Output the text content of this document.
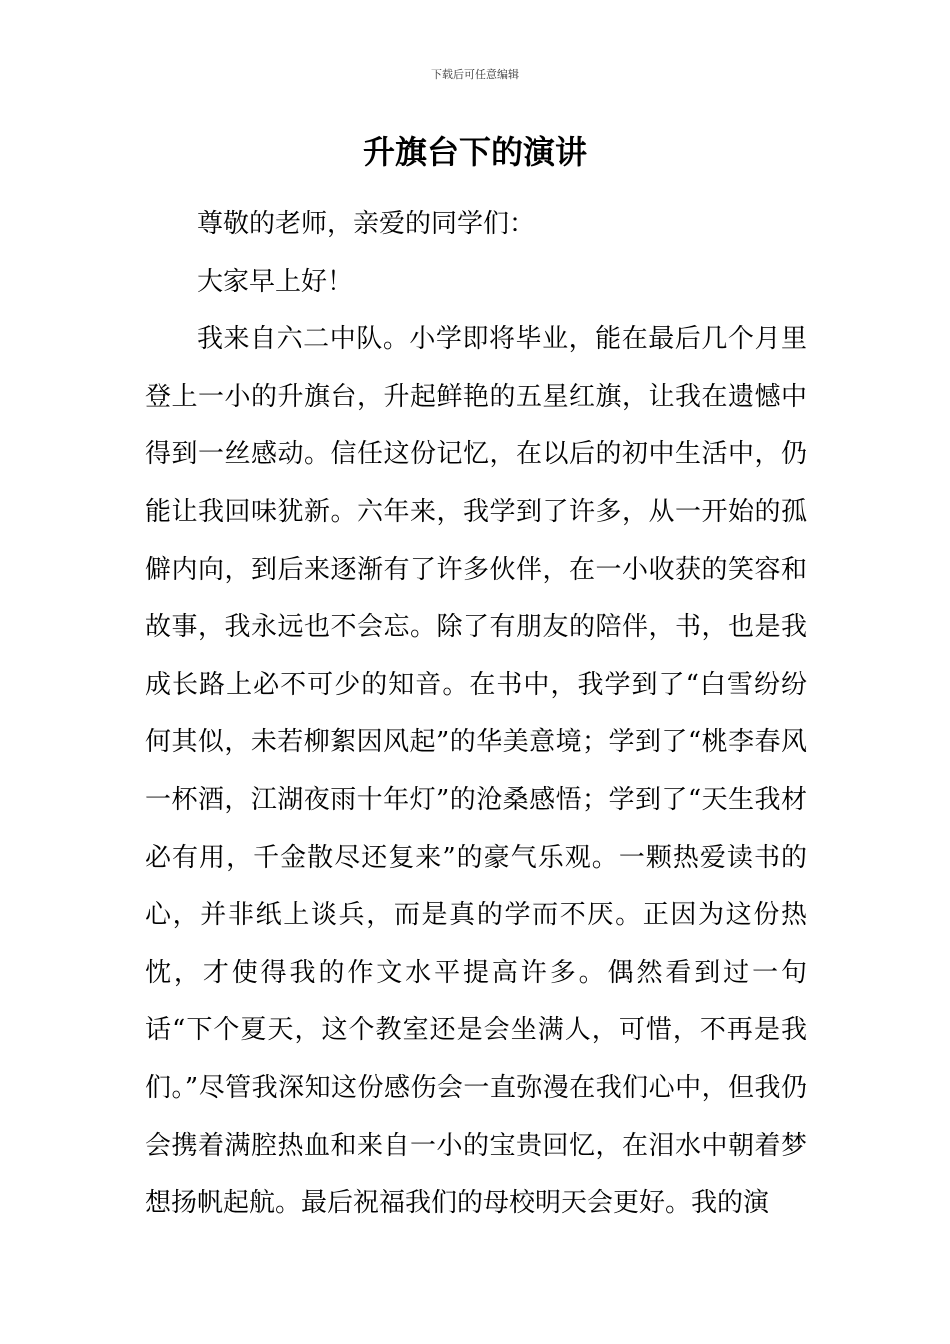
下载后可任意编辑
升旗台下的演讲

尊敬的老师，亲爱的同学们：

大家早上好！

我来自六二中队。小学即将毕业，能在最后几个月里登上一小的升旗台，升起鲜艳的五星红旗，让我在遗憾中得到一丝感动。信任这份记忆，在以后的初中生活中，仍能让我回味犹新。六年来，我学到了许多，从一开始的孤僻内向，到后来逐渐有了许多伙伴，在一小收获的笑容和故事，我永远也不会忘。除了有朋友的陪伴，书，也是我成长路上必不可少的知音。在书中，我学到了“白雪纷纷何其似，未若柳絮因风起”的华美意境；学到了“桃李春风一杯酒，江湖夜雨十年灯”的沧桑感悟；学到了“天生我材必有用，千金散尽还复来”的豪气乐观。一颗热爱读书的心，并非纸上谈兵，而是真的学而不厌。正因为这份热忱，才使得我的作文水平提高许多。偶然看到过一句话“下个夏天，这个教室还是会坐满人，可惜，不再是我们。”尽管我深知这份感伤会一直弥漫在我们心中，但我仍会携着满腔热血和来自一小的宝贵回忆，在泪水中朝着梦想扬帆起航。最后祝福我们的母校明天会更好。我的演
